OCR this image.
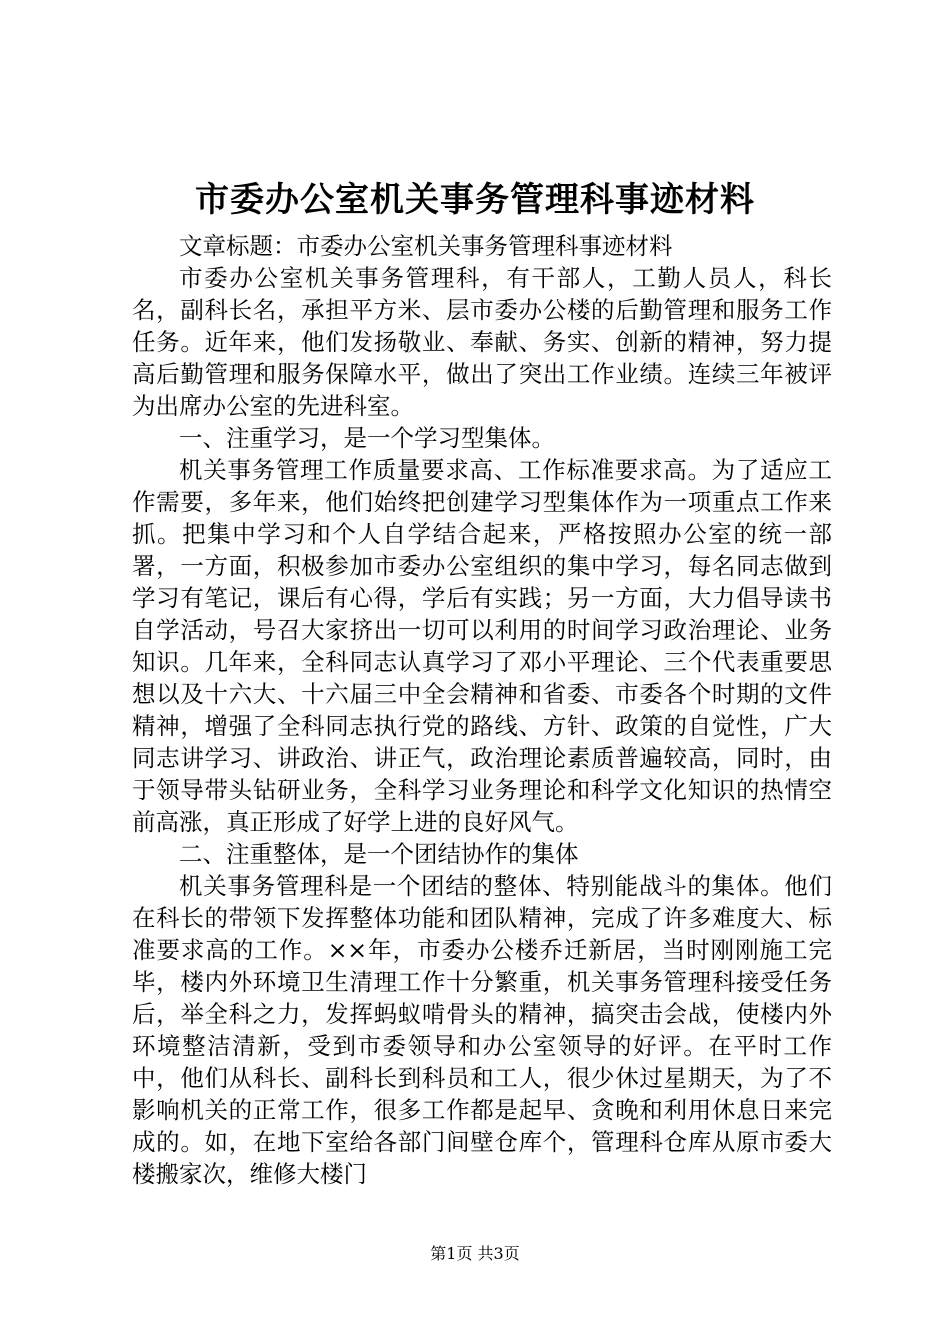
市委办公室机关事务管理科事迹材料

文章标题：市委办公室机关事务管理科事迹材料

市委办公室机关事务管理科，有干部人，工勤人员人，科长名，副科长名，承担平方米、层市委办公楼的后勤管理和服务工作任务。近年来，他们发扬敬业、奉献、务实、创新的精神，努力提高后勤管理和服务保障水平，做出了突出工作业绩。连续三年被评为出席办公室的先进科室。

一、注重学习，是一个学习型集体。

机关事务管理工作质量要求高、工作标准要求高。为了适应工作需要，多年来，他们始终把创建学习型集体作为一项重点工作来抓。把集中学习和个人自学结合起来，严格按照办公室的统一部署，一方面，积极参加市委办公室组织的集中学习，每名同志做到学习有笔记，课后有心得，学后有实践；另一方面，大力倡导读书自学活动，号召大家挤出一切可以利用的时间学习政治理论、业务知识。几年来，全科同志认真学习了邓小平理论、三个代表重要思想以及十六大、十六届三中全会精神和省委、市委各个时期的文件精神，增强了全科同志执行党的路线、方针、政策的自觉性，广大同志讲学习、讲政治、讲正气，政治理论素质普遍较高，同时，由于领导带头钻研业务，全科学习业务理论和科学文化知识的热情空前高涨，真正形成了好学上进的良好风气。

二、注重整体，是一个团结协作的集体

机关事务管理科是一个团结的整体、特别能战斗的集体。他们在科长的带领下发挥整体功能和团队精神，完成了许多难度大、标准要求高的工作。××年，市委办公楼乔迁新居，当时刚刚施工完毕，楼内外环境卫生清理工作十分繁重，机关事务管理科接受任务后，举全科之力，发挥蚂蚁啃骨头的精神，搞突击会战，使楼内外环境整洁清新，受到市委领导和办公室领导的好评。在平时工作中，他们从科长、副科长到科员和工人，很少休过星期天，为了不影响机关的正常工作，很多工作都是起早、贪晚和利用休息日来完成的。如，在地下室给各部门间壁仓库个，管理科仓库从原市委大楼搬家次，维修大楼门

第1页 共3页
